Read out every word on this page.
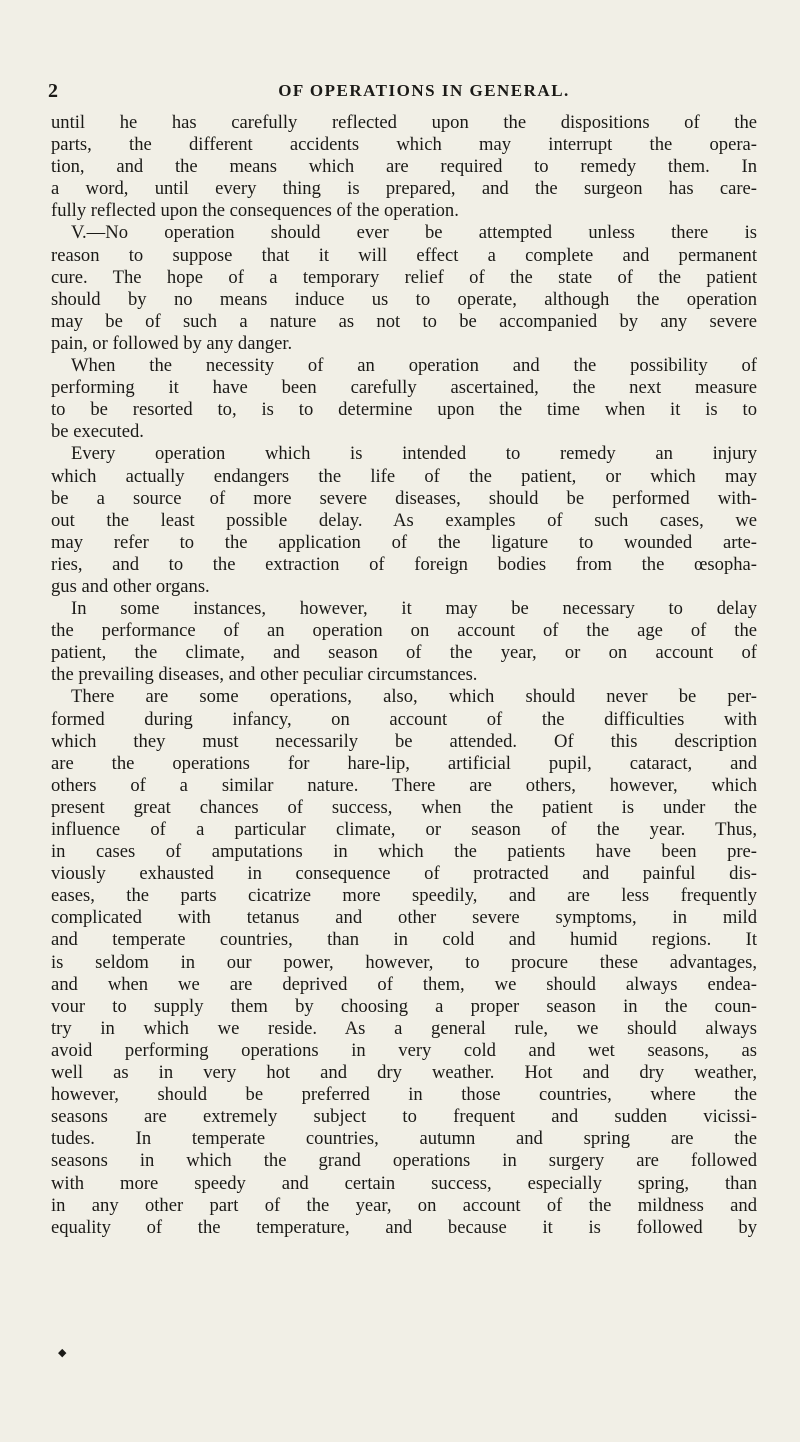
2	OF OPERATIONS IN GENERAL.
until he has carefully reflected upon the dispositions of the
parts, the different accidents which may interrupt the opera-
tion, and the means which are required to remedy them. In
a word, until every thing is prepared, and the surgeon has care-
fully reflected upon the consequences of the operation.
V.—No operation should ever be attempted unless there is
reason to suppose that it will effect a complete and permanent
cure. The hope of a temporary relief of the state of the patient
should by no means induce us to operate, although the operation
may be of such a nature as not to be accompanied by any severe
pain, or followed by any danger.
When the necessity of an operation and the possibility of
performing it have been carefully ascertained, the next measure
to be resorted to, is to determine upon the time when it is to
be executed.
Every operation which is intended to remedy an injury
which actually endangers the life of the patient, or which may
be a source of more severe diseases, should be performed with-
out the least possible delay. As examples of such cases, we
may refer to the application of the ligature to wounded arte-
ries, and to the extraction of foreign bodies from the œsopha-
gus and other organs.
In some instances, however, it may be necessary to delay
the performance of an operation on account of the age of the
patient, the climate, and season of the year, or on account of
the prevailing diseases, and other peculiar circumstances.
There are some operations, also, which should never be per-
formed during infancy, on account of the difficulties with
which they must necessarily be attended. Of this description
are the operations for hare-lip, artificial pupil, cataract, and
others of a similar nature. There are others, however, which
present great chances of success, when the patient is under the
influence of a particular climate, or season of the year. Thus,
in cases of amputations in which the patients have been pre-
viously exhausted in consequence of protracted and painful dis-
eases, the parts cicatrize more speedily, and are less frequently
complicated with tetanus and other severe symptoms, in mild
and temperate countries, than in cold and humid regions. It
is seldom in our power, however, to procure these advantages,
and when we are deprived of them, we should always endea-
vour to supply them by choosing a proper season in the coun-
try in which we reside. As a general rule, we should always
avoid performing operations in very cold and wet seasons, as
well as in very hot and dry weather. Hot and dry weather,
however, should be preferred in those countries, where the
seasons are extremely subject to frequent and sudden vicissi-
tudes. In temperate countries, autumn and spring are the
seasons in which the grand operations in surgery are followed
with more speedy and certain success, especially spring, than
in any other part of the year, on account of the mildness and
equality of the temperature, and because it is followed by
◆
